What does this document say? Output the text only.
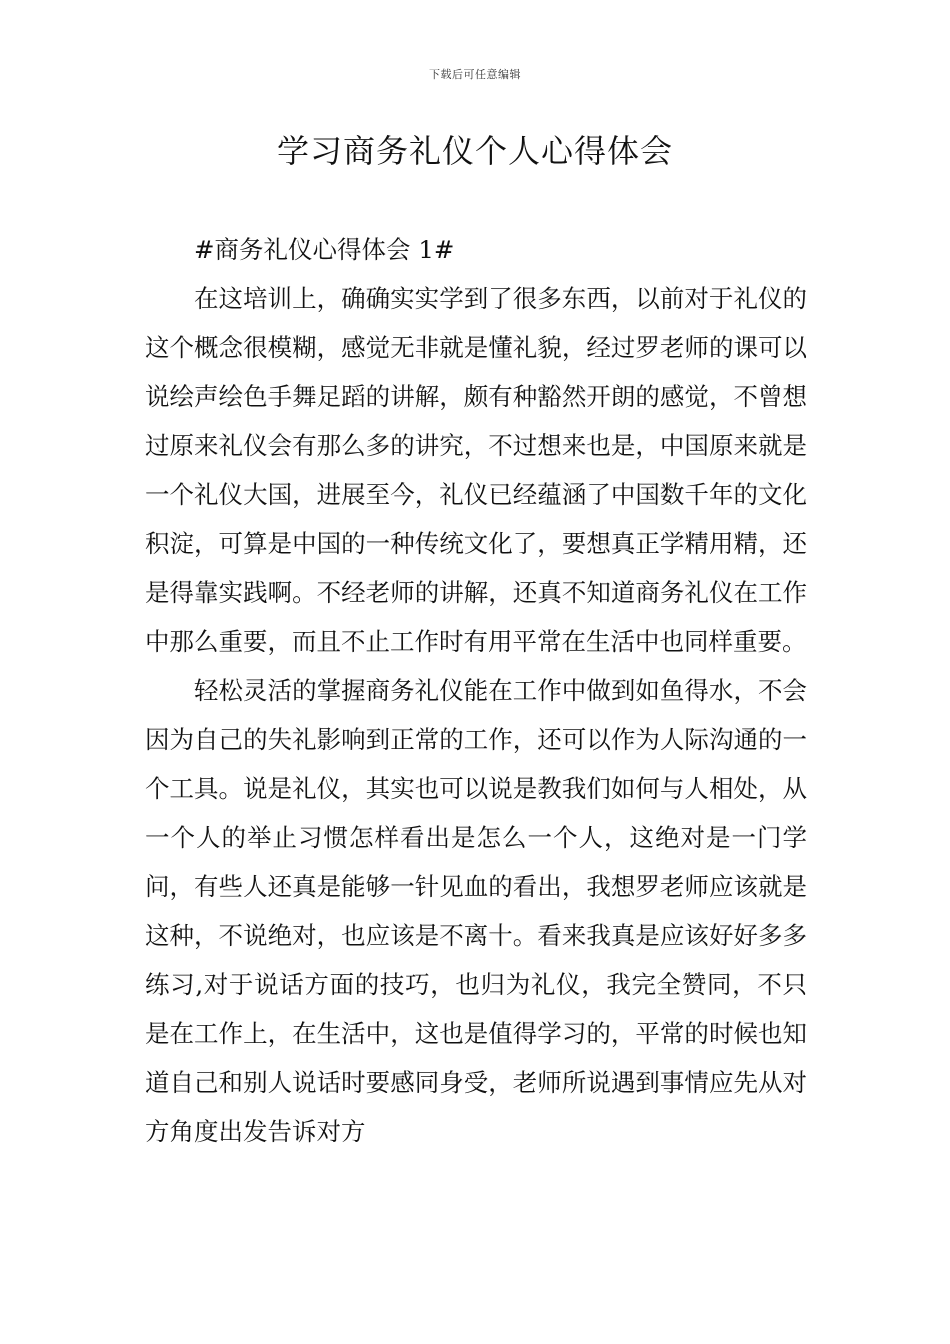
下载后可任意编辑
学习商务礼仪个人心得体会

#商务礼仪心得体会 1#

在这培训上，确确实实学到了很多东西，以前对于礼仪的这个概念很模糊，感觉无非就是懂礼貌，经过罗老师的课可以说绘声绘色手舞足蹈的讲解，颇有种豁然开朗的感觉，不曾想过原来礼仪会有那么多的讲究，不过想来也是，中国原来就是一个礼仪大国，进展至今，礼仪已经蕴涵了中国数千年的文化积淀，可算是中国的一种传统文化了，要想真正学精用精，还是得靠实践啊。不经老师的讲解，还真不知道商务礼仪在工作中那么重要，而且不止工作时有用平常在生活中也同样重要。

轻松灵活的掌握商务礼仪能在工作中做到如鱼得水，不会因为自己的失礼影响到正常的工作，还可以作为人际沟通的一个工具。说是礼仪，其实也可以说是教我们如何与人相处，从一个人的举止习惯怎样看出是怎么一个人，这绝对是一门学问，有些人还真是能够一针见血的看出，我想罗老师应该就是这种，不说绝对，也应该是不离十。看来我真是应该好好多多练习,对于说话方面的技巧，也归为礼仪，我完全赞同，不只是在工作上，在生活中，这也是值得学习的，平常的时候也知道自己和别人说话时要感同身受，老师所说遇到事情应先从对方角度出发告诉对方
